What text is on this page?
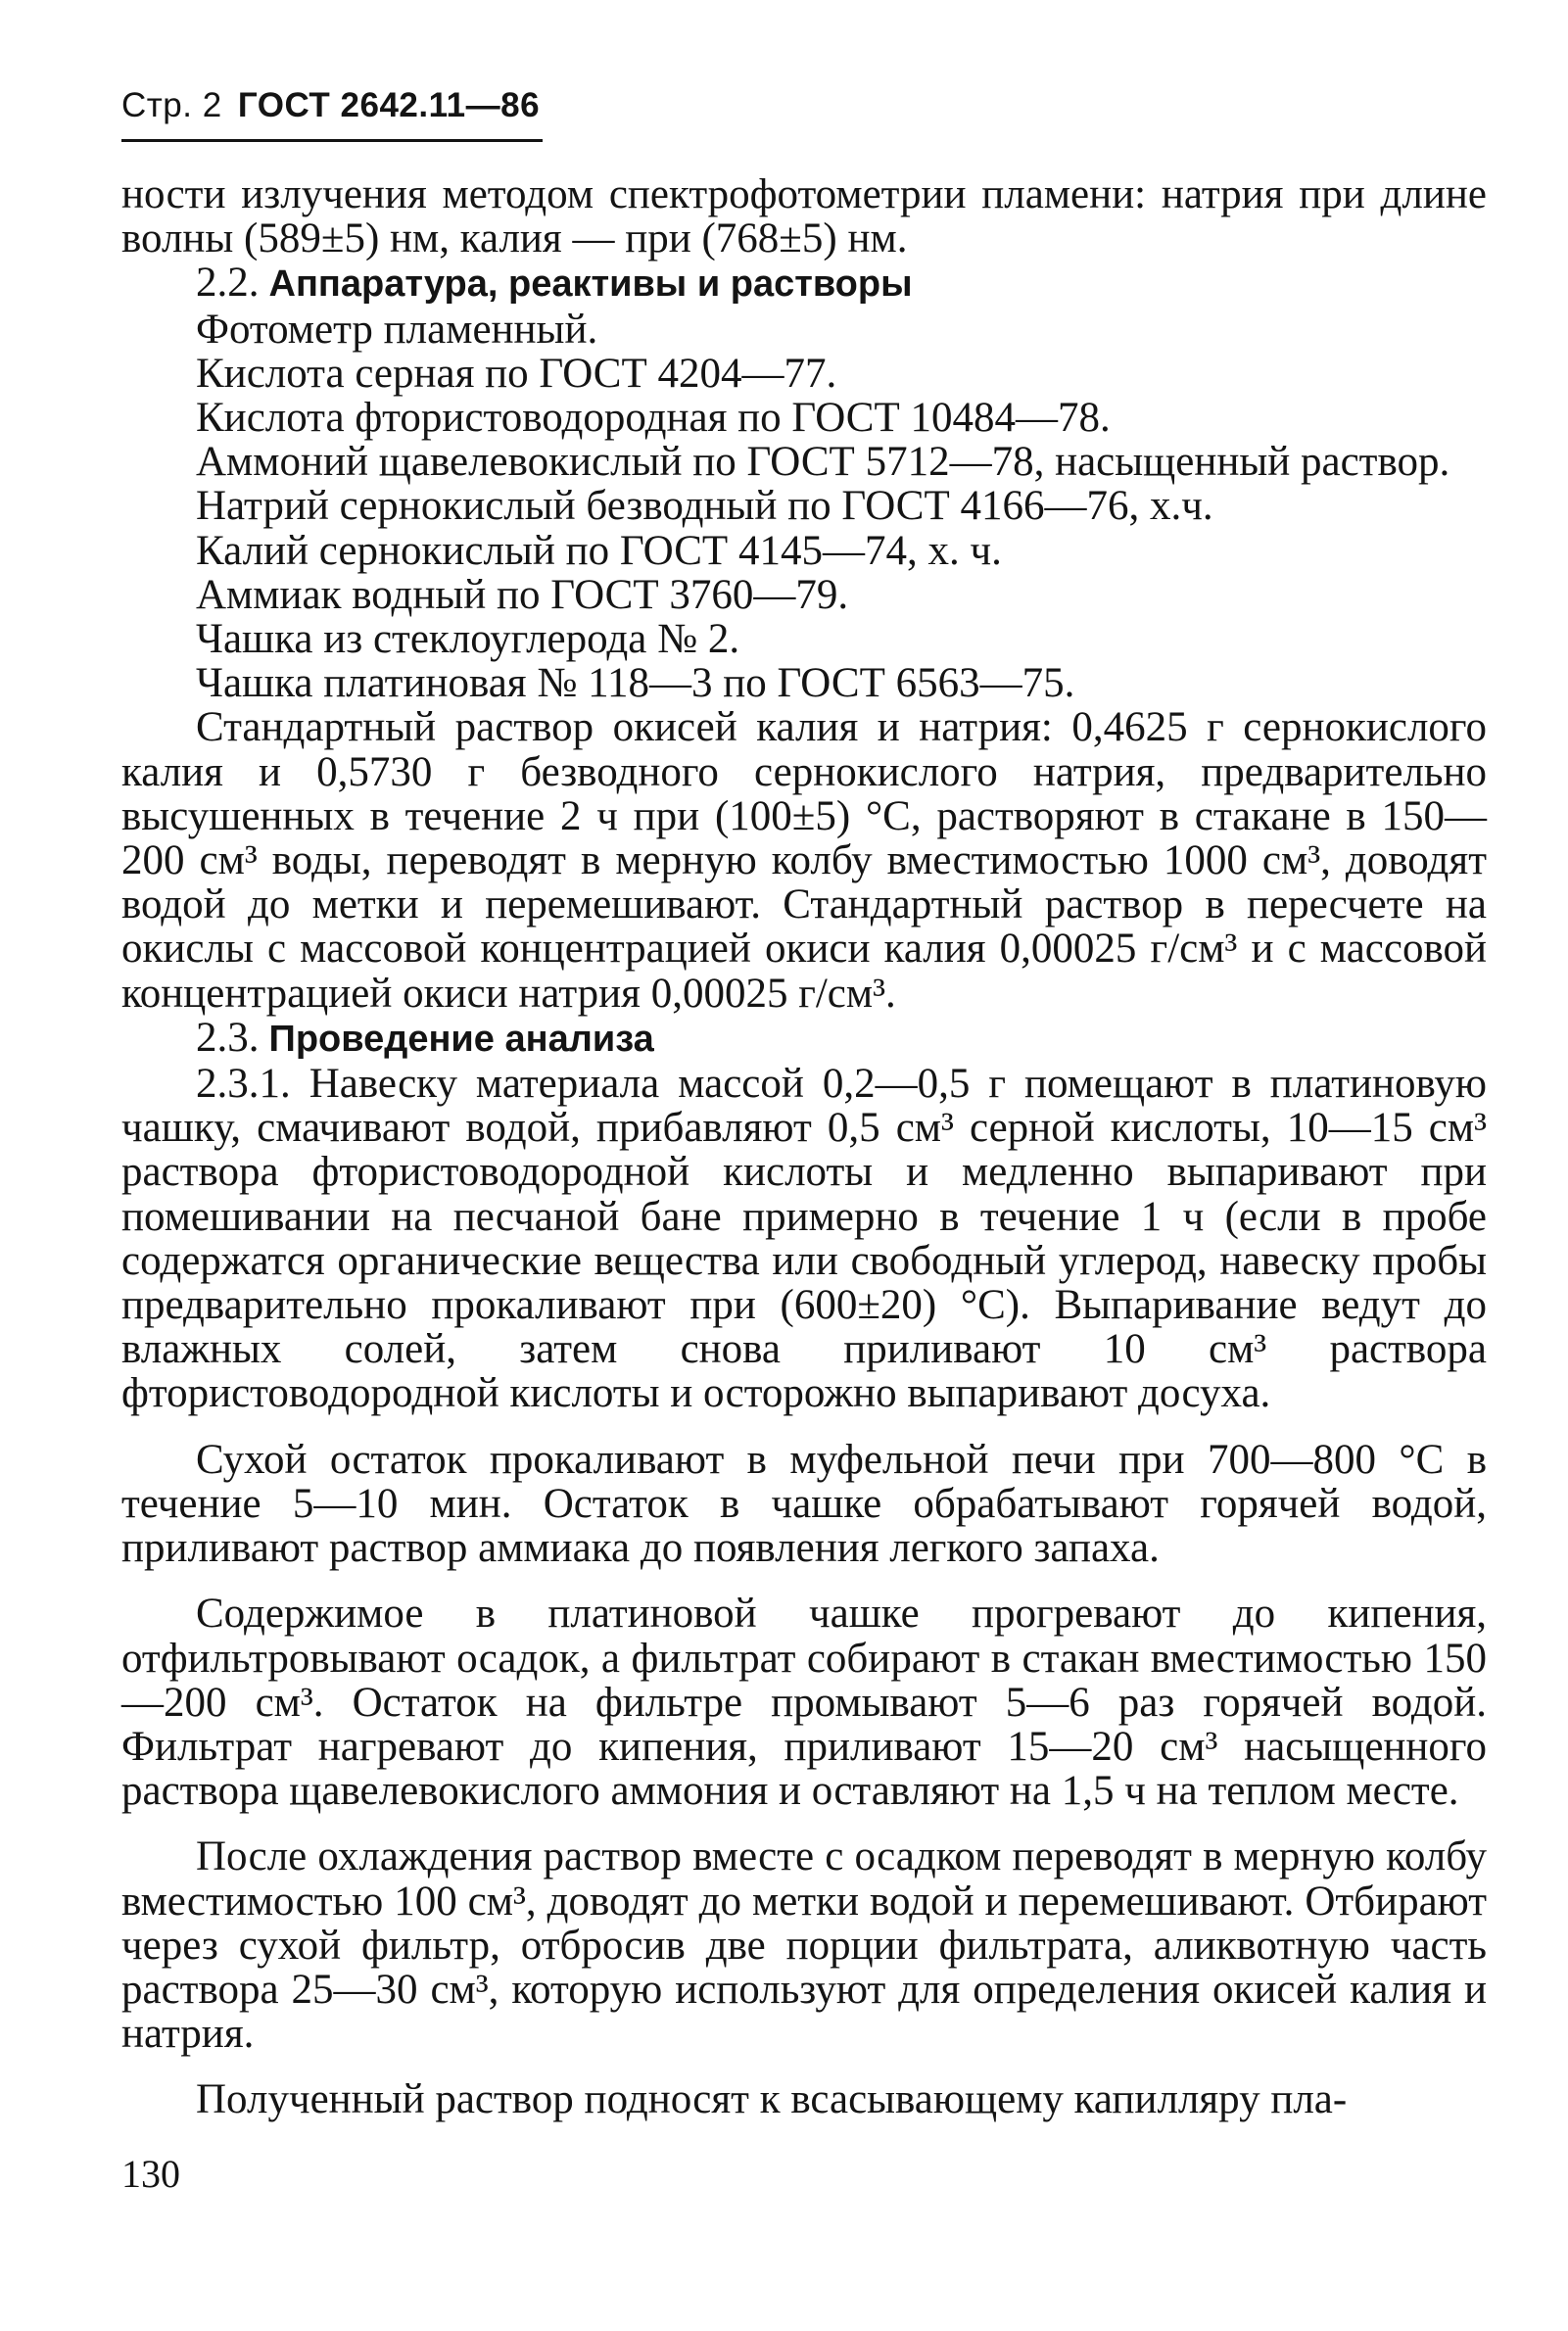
Стр. 2 ГОСТ 2642.11—86

ности излучения методом спектрофотометрии пламени: натрия при длине волны (589±5) нм, калия — при (768±5) нм.

2.2. Аппаратура, реактивы и растворы

Фотометр пламенный.

Кислота серная по ГОСТ 4204—77.

Кислота фтористоводородная по ГОСТ 10484—78.

Аммоний щавелевокислый по ГОСТ 5712—78, насыщенный раствор.

Натрий сернокислый безводный по ГОСТ 4166—76, х.ч.

Калий сернокислый по ГОСТ 4145—74, х. ч.

Аммиак водный по ГОСТ 3760—79.

Чашка из стеклоуглерода № 2.

Чашка платиновая № 118—3 по ГОСТ 6563—75.

Стандартный раствор окисей калия и натрия: 0,4625 г сернокислого калия и 0,5730 г безводного сернокислого натрия, предварительно высушенных в течение 2 ч при (100±5) °С, растворяют в стакане в 150—200 см³ воды, переводят в мерную колбу вместимостью 1000 см³, доводят водой до метки и перемешивают. Стандартный раствор в пересчете на окислы с массовой концентрацией окиси калия 0,00025 г/см³ и с массовой концентрацией окиси натрия 0,00025 г/см³.

2.3. Проведение анализа

2.3.1. Навеску материала массой 0,2—0,5 г помещают в платиновую чашку, смачивают водой, прибавляют 0,5 см³ серной кислоты, 10—15 см³ раствора фтористоводородной кислоты и медленно выпаривают при помешивании на песчаной бане примерно в течение 1 ч (если в пробе содержатся органические вещества или свободный углерод, навеску пробы предварительно прокаливают при (600±20) °С). Выпаривание ведут до влажных солей, затем снова приливают 10 см³ раствора фтористоводородной кислоты и осторожно выпаривают досуха.

Сухой остаток прокаливают в муфельной печи при 700—800 °С в течение 5—10 мин. Остаток в чашке обрабатывают горячей водой, приливают раствор аммиака до появления легкого запаха.

Содержимое в платиновой чашке прогревают до кипения, отфильтровывают осадок, а фильтрат собирают в стакан вместимостью 150—200 см³. Остаток на фильтре промывают 5—6 раз горячей водой. Фильтрат нагревают до кипения, приливают 15—20 см³ насыщенного раствора щавелевокислого аммония и оставляют на 1,5 ч на теплом месте.

После охлаждения раствор вместе с осадком переводят в мерную колбу вместимостью 100 см³, доводят до метки водой и перемешивают. Отбирают через сухой фильтр, отбросив две порции фильтрата, аликвотную часть раствора 25—30 см³, которую используют для определения окисей калия и натрия.

Полученный раствор подносят к всасывающему капилляру пла-

130
